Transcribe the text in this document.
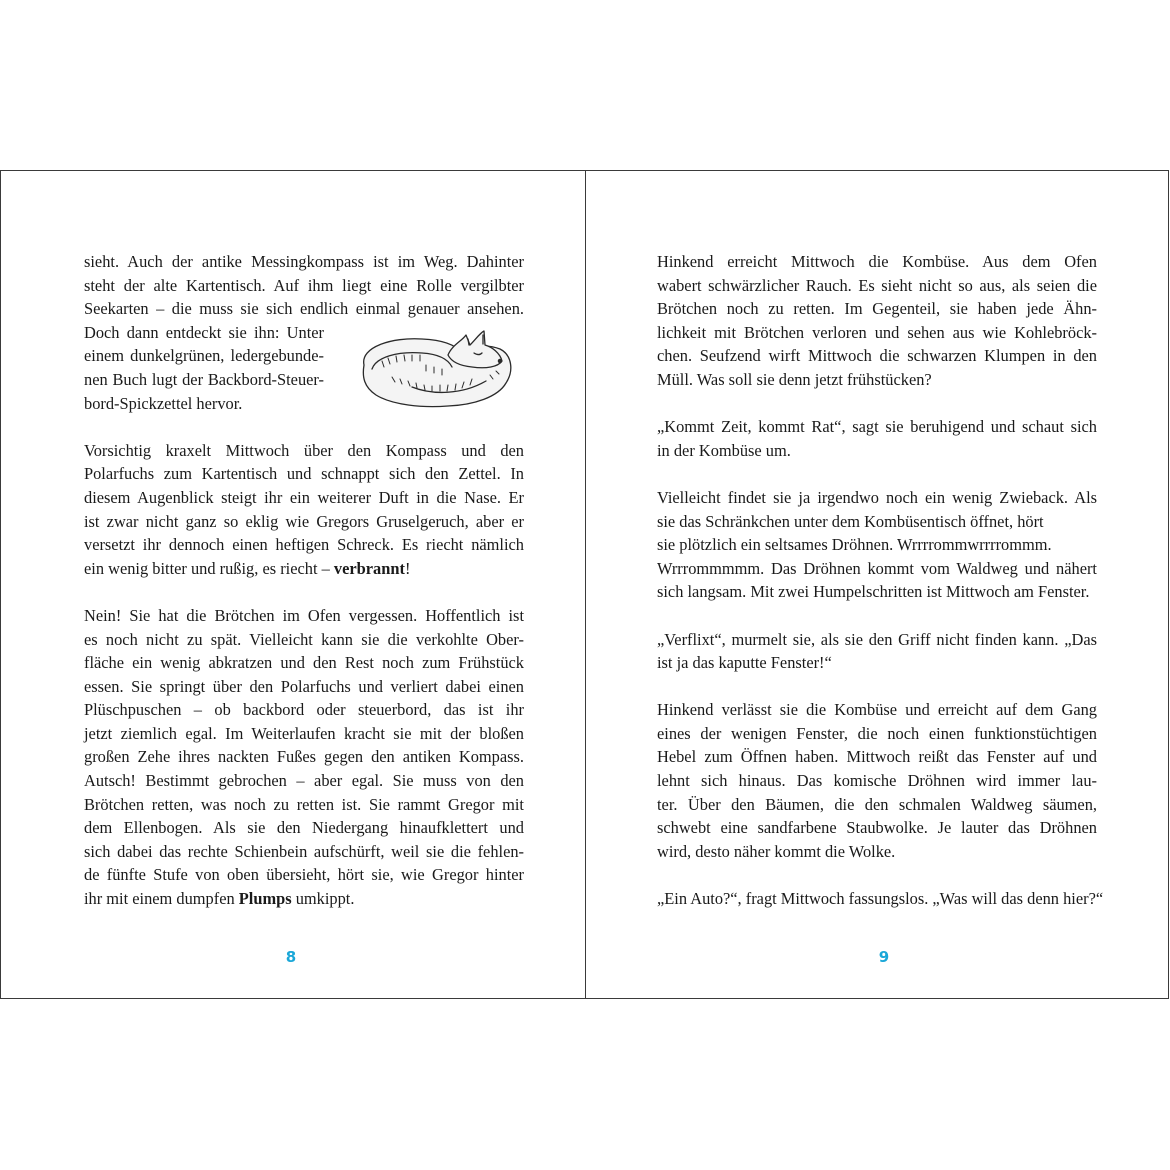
sieht. Auch der antike Messingkompass ist im Weg. Dahinter
steht der alte Kartentisch. Auf ihm liegt eine Rolle vergilbter
Seekarten – die muss sie sich endlich einmal genauer ansehen.
Doch dann entdeckt sie ihn: Unter
einem dunkelgrünen, ledergebunde-
nen Buch lugt der Backbord-Steuer-
bord-Spickzettel hervor.
Vorsichtig kraxelt Mittwoch über den Kompass und den
Polarfuchs zum Kartentisch und schnappt sich den Zettel. In
diesem Augenblick steigt ihr ein weiterer Duft in die Nase. Er
ist zwar nicht ganz so eklig wie Gregors Gruselgeruch, aber er
versetzt ihr dennoch einen heftigen Schreck. Es riecht nämlich
ein wenig bitter und rußig, es riecht – verbrannt!
Nein! Sie hat die Brötchen im Ofen vergessen. Hoffentlich ist
es noch nicht zu spät. Vielleicht kann sie die verkohlte Ober-
fläche ein wenig abkratzen und den Rest noch zum Frühstück
essen. Sie springt über den Polarfuchs und verliert dabei einen
Plüschpuschen – ob backbord oder steuerbord, das ist ihr
jetzt ziemlich egal. Im Weiterlaufen kracht sie mit der bloßen
großen Zehe ihres nackten Fußes gegen den antiken Kompass.
Autsch! Bestimmt gebrochen – aber egal. Sie muss von den
Brötchen retten, was noch zu retten ist. Sie rammt Gregor mit
dem Ellenbogen. Als sie den Niedergang hinaufklettert und
sich dabei das rechte Schienbein aufschürft, weil sie die fehlen-
de fünfte Stufe von oben übersieht, hört sie, wie Gregor hinter
ihr mit einem dumpfen Plumps umkippt.
Hinkend erreicht Mittwoch die Kombüse. Aus dem Ofen
wabert schwärzlicher Rauch. Es sieht nicht so aus, als seien die
Brötchen noch zu retten. Im Gegenteil, sie haben jede Ähn-
lichkeit mit Brötchen verloren und sehen aus wie Kohlebröck-
chen. Seufzend wirft Mittwoch die schwarzen Klumpen in den
Müll. Was soll sie denn jetzt frühstücken?
„Kommt Zeit, kommt Rat“, sagt sie beruhigend und schaut sich
in der Kombüse um.
Vielleicht findet sie ja irgendwo noch ein wenig Zwieback. Als
sie das Schränkchen unter dem Kombüsentisch öffnet, hört
sie plötzlich ein seltsames Dröhnen. Wrrrrommwrrrrommm.
Wrrrommmmm. Das Dröhnen kommt vom Waldweg und nähert
sich langsam. Mit zwei Humpelschritten ist Mittwoch am Fenster.
„Verflixt“, murmelt sie, als sie den Griff nicht finden kann. „Das
ist ja das kaputte Fenster!“
Hinkend verlässt sie die Kombüse und erreicht auf dem Gang
eines der wenigen Fenster, die noch einen funktionstüchtigen
Hebel zum Öffnen haben. Mittwoch reißt das Fenster auf und
lehnt sich hinaus. Das komische Dröhnen wird immer lau-
ter. Über den Bäumen, die den schmalen Waldweg säumen,
schwebt eine sandfarbene Staubwolke. Je lauter das Dröhnen
wird, desto näher kommt die Wolke.
„Ein Auto?“, fragt Mittwoch fassungslos. „Was will das denn hier?“
8	9
